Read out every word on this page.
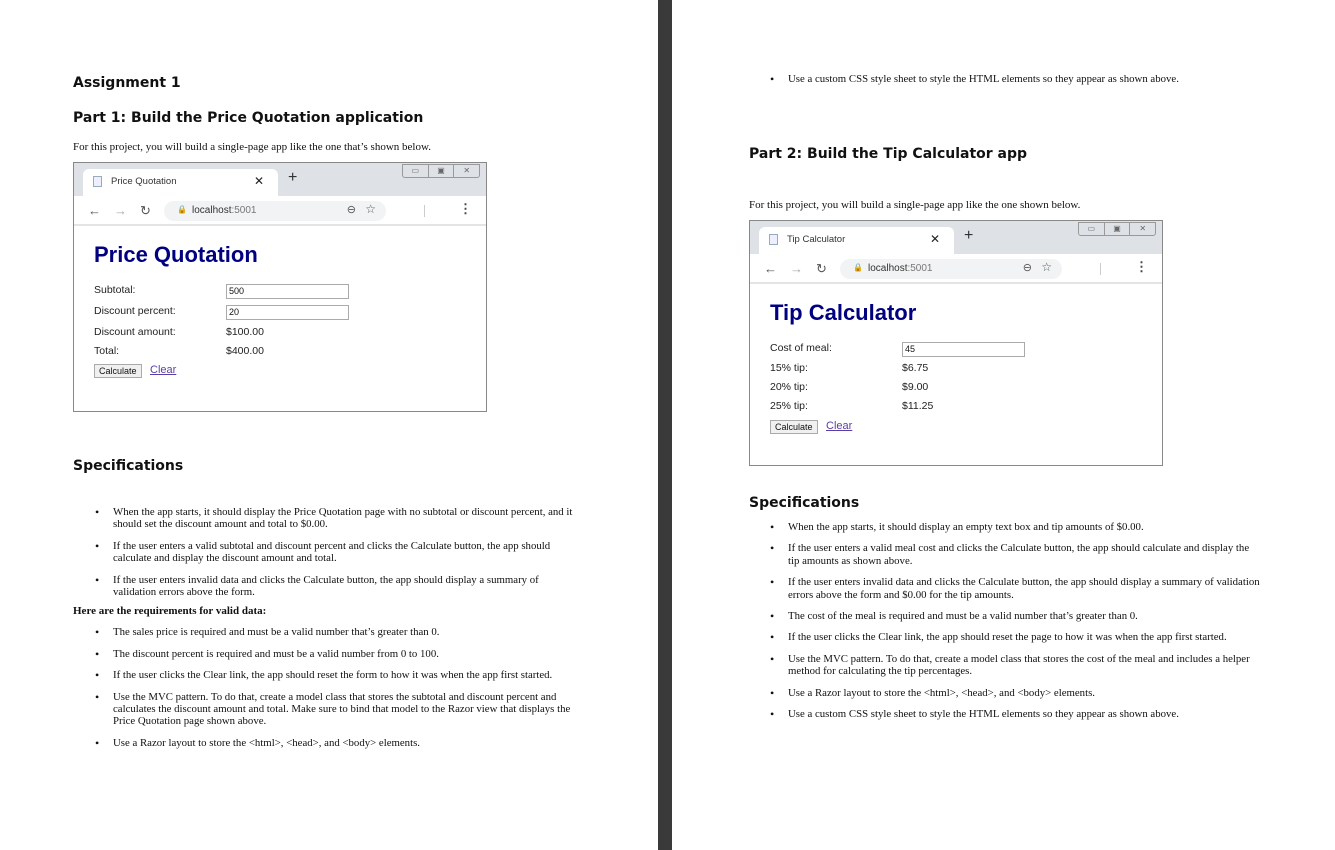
Assignment 1
Part 1: Build the Price Quotation application
For this project, you will build a single-page app like the one that’s shown below.
Price Quotation	✕ +	▭	▣	✕
← → ↻	🔒 localhost:5001	⊖ ☆	⋮
Price Quotation
Subtotal:	500
Discount percent:	20
Discount amount:	$100.00
Total:	$400.00
Calculate	Clear
Specifications
• When the app starts, it should display the Price Quotation page with no subtotal or discount percent, and it should set the discount amount and total to $0.00.
• If the user enters a valid subtotal and discount percent and clicks the Calculate button, the app should calculate and display the discount amount and total.
• If the user enters invalid data and clicks the Calculate button, the app should display a summary of validation errors above the form.
Here are the requirements for valid data:
• The sales price is required and must be a valid number that’s greater than 0.
• The discount percent is required and must be a valid number from 0 to 100.
• If the user clicks the Clear link, the app should reset the form to how it was when the app first started.
• Use the MVC pattern. To do that, create a model class that stores the subtotal and discount percent and calculates the discount amount and total. Make sure to bind that model to the Razor view that displays the Price Quotation page shown above.
• Use a Razor layout to store the <html>, <head>, and <body> elements.
• Use a custom CSS style sheet to style the HTML elements so they appear as shown above.
Part 2: Build the Tip Calculator app
For this project, you will build a single-page app like the one shown below.
Tip Calculator	✕ +	▭	▣	✕
← → ↻	🔒 localhost:5001	⊖ ☆	⋮
Tip Calculator
Cost of meal:	45
15% tip:	$6.75
20% tip:	$9.00
25% tip:	$11.25
Calculate	Clear
Specifications
• When the app starts, it should display an empty text box and tip amounts of $0.00.
• If the user enters a valid meal cost and clicks the Calculate button, the app should calculate and display the tip amounts as shown above.
• If the user enters invalid data and clicks the Calculate button, the app should display a summary of validation errors above the form and $0.00 for the tip amounts.
• The cost of the meal is required and must be a valid number that’s greater than 0.
• If the user clicks the Clear link, the app should reset the page to how it was when the app first started.
• Use the MVC pattern. To do that, create a model class that stores the cost of the meal and includes a helper method for calculating the tip percentages.
• Use a Razor layout to store the <html>, <head>, and <body> elements.
• Use a custom CSS style sheet to style the HTML elements so they appear as shown above.
